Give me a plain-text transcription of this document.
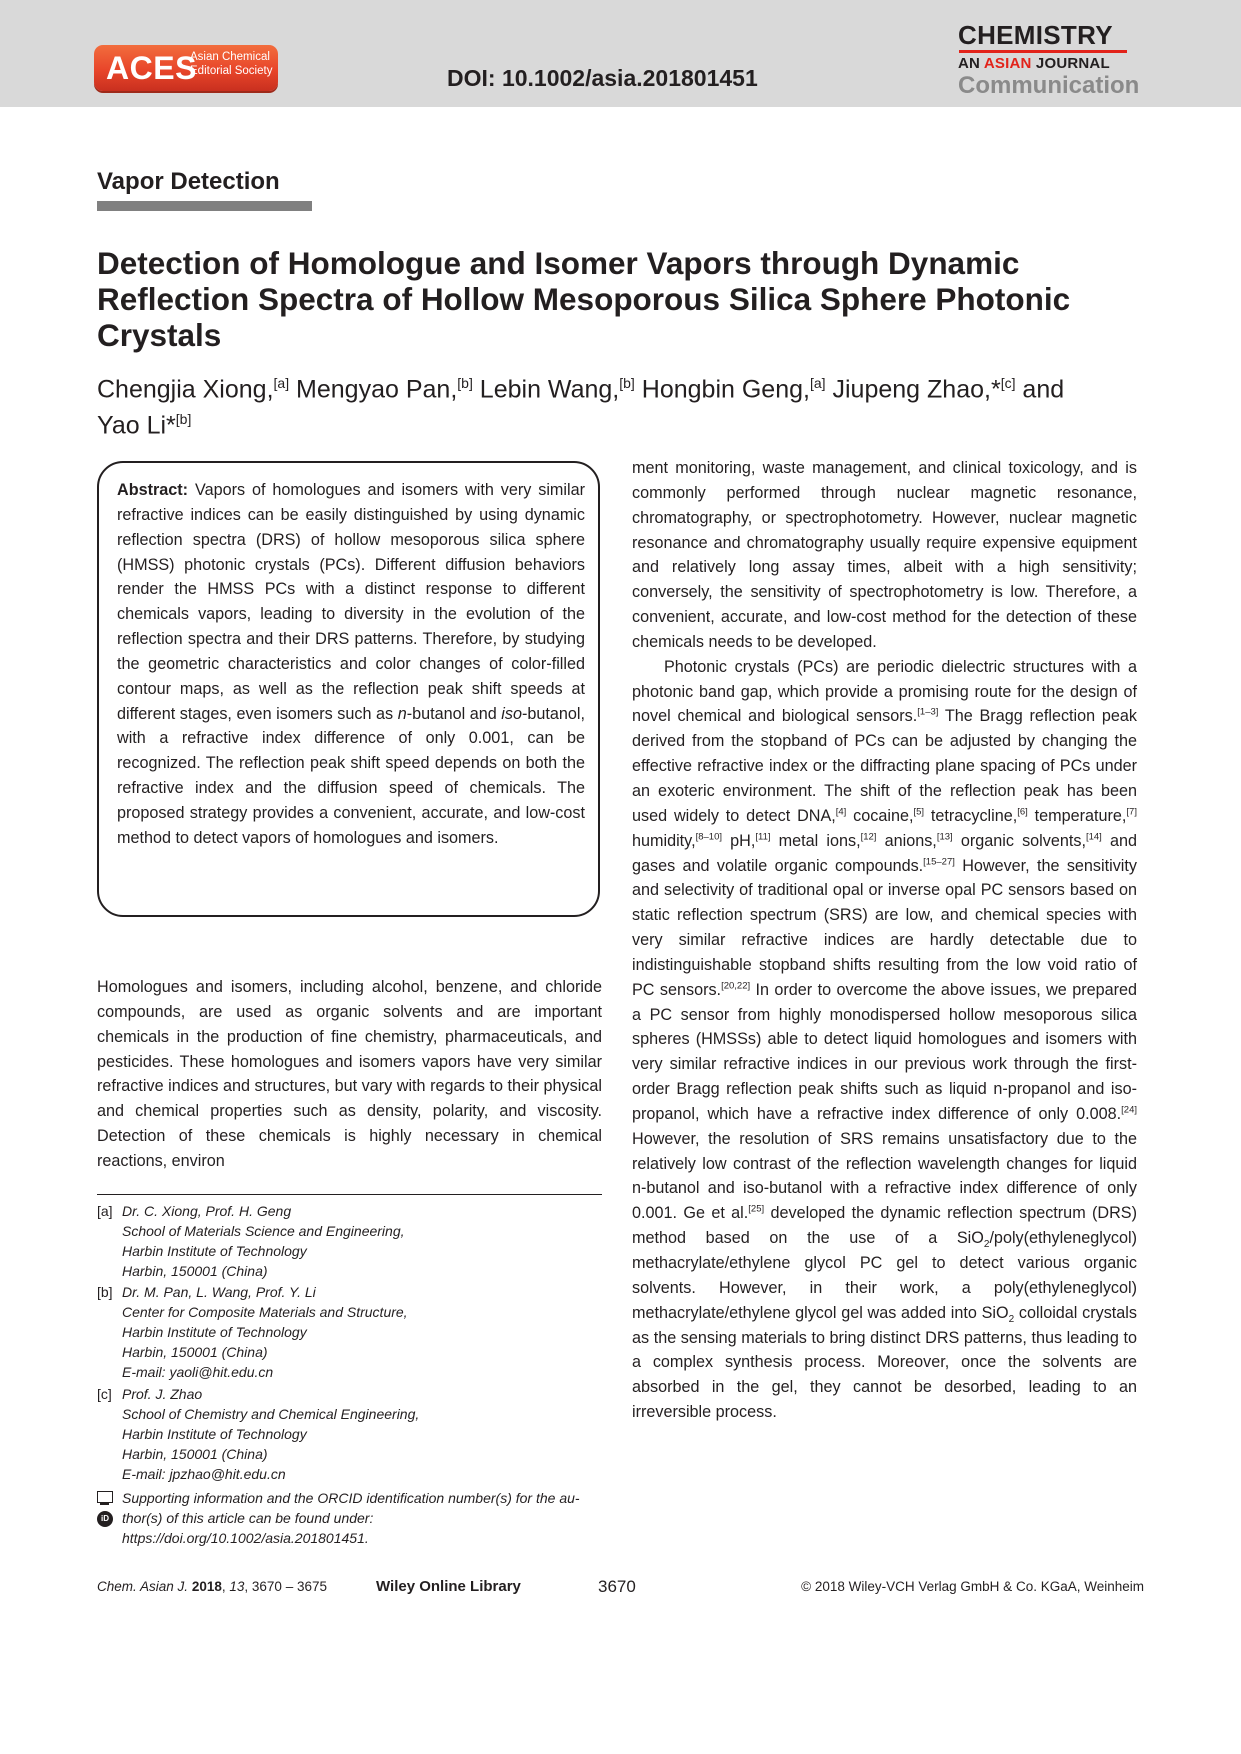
ACES
Asian Chemical
Editorial Society	DOI: 10.1002/asia.201801451
CHEMISTRY
AN ASIAN JOURNAL
Communication
Vapor Detection
Detection of Homologue and Isomer Vapors through Dynamic Reflection Spectra of Hollow Mesoporous Silica Sphere Photonic Crystals
Chengjia Xiong,[a] Mengyao Pan,[b] Lebin Wang,[b] Hongbin Geng,[a] Jiupeng Zhao,*[c] and
Yao Li*[b]

Abstract: Vapors of homologues and isomers with very similar refractive indices can be easily distinguished by using dynamic reflection spectra (DRS) of hollow mesoporous silica sphere (HMSS) photonic crystals (PCs). Different diffusion behaviors render the HMSS PCs with a distinct response to different chemicals vapors, leading to diversity in the evolution of the reflection spectra and their DRS patterns. Therefore, by studying the geometric characteristics and color changes of color-filled contour maps, as well as the reflection peak shift speeds at different stages, even isomers such as n-butanol and iso-butanol, with a refractive index difference of only 0.001, can be recognized. The reflection peak shift speed depends on both the refractive index and the diffusion speed of chemicals. The proposed strategy provides a convenient, accurate, and low-cost method to detect vapors of homologues and isomers.

Homologues and isomers, including alcohol, benzene, and chloride compounds, are used as organic solvents and are important chemicals in the production of fine chemistry, pharmaceuticals, and pesticides. These homologues and isomers vapors have very similar refractive indices and structures, but vary with regards to their physical and chemical properties such as density, polarity, and viscosity. Detection of these chemicals is highly necessary in chemical reactions, environ

[a] Dr. C. Xiong, Prof. H. Geng
School of Materials Science and Engineering,
Harbin Institute of Technology
Harbin, 150001 (China)
[b] Dr. M. Pan, L. Wang, Prof. Y. Li
Center for Composite Materials and Structure,
Harbin Institute of Technology
Harbin, 150001 (China)
E-mail: yaoli@hit.edu.cn
[c] Prof. J. Zhao
School of Chemistry and Chemical Engineering,
Harbin Institute of Technology
Harbin, 150001 (China)
E-mail: jpzhao@hit.edu.cn
iD
Supporting information and the ORCID identification number(s) for the au-
thor(s) of this article can be found under:
https://doi.org/10.1002/asia.201801451.

ment monitoring, waste management, and clinical toxicology, and is commonly performed through nuclear magnetic resonance, chromatography, or spectrophotometry. However, nuclear magnetic resonance and chromatography usually require expensive equipment and relatively long assay times, albeit with a high sensitivity; conversely, the sensitivity of spectrophotometry is low. Therefore, a convenient, accurate, and low-cost method for the detection of these chemicals needs to be developed.

Photonic crystals (PCs) are periodic dielectric structures with a photonic band gap, which provide a promising route for the design of novel chemical and biological sensors.[1–3] The Bragg reflection peak derived from the stopband of PCs can be adjusted by changing the effective refractive index or the diffracting plane spacing of PCs under an exoteric environment. The shift of the reflection peak has been used widely to detect DNA,[4] cocaine,[5] tetracycline,[6] temperature,[7] humidity,[8–10] pH,[11] metal ions,[12] anions,[13] organic solvents,[14] and gases and volatile organic compounds.[15–27] However, the sensitivity and selectivity of traditional opal or inverse opal PC sensors based on static reflection spectrum (SRS) are low, and chemical species with very similar refractive indices are hardly detectable due to indistinguishable stopband shifts resulting from the low void ratio of PC sensors.[20,22] In order to overcome the above issues, we prepared a PC sensor from highly monodispersed hollow mesoporous silica spheres (HMSSs) able to detect liquid homologues and isomers with very similar refractive indices in our previous work through the first-order Bragg reflection peak shifts such as liquid n-propanol and iso-propanol, which have a refractive index difference of only 0.008.[24] However, the resolution of SRS remains unsatisfactory due to the relatively low contrast of the reflection wavelength changes for liquid n-butanol and iso-butanol with a refractive index difference of only 0.001. Ge et al.[25] developed the dynamic reflection spectrum (DRS) method based on the use of a SiO$_2$/poly(ethyleneglycol) methacrylate/ethylene glycol PC gel to detect various organic solvents. However, in their work, a poly(ethyleneglycol) methacrylate/ethylene glycol gel was added into SiO$_2$ colloidal crystals as the sensing materials to bring distinct DRS patterns, thus leading to a complex synthesis process. Moreover, once the solvents are absorbed in the gel, they cannot be desorbed, leading to an irreversible process.

Chem. Asian J. 2018, 13, 3670 – 3675	Wiley Online Library	3670	© 2018 Wiley-VCH Verlag GmbH & Co. KGaA, Weinheim
